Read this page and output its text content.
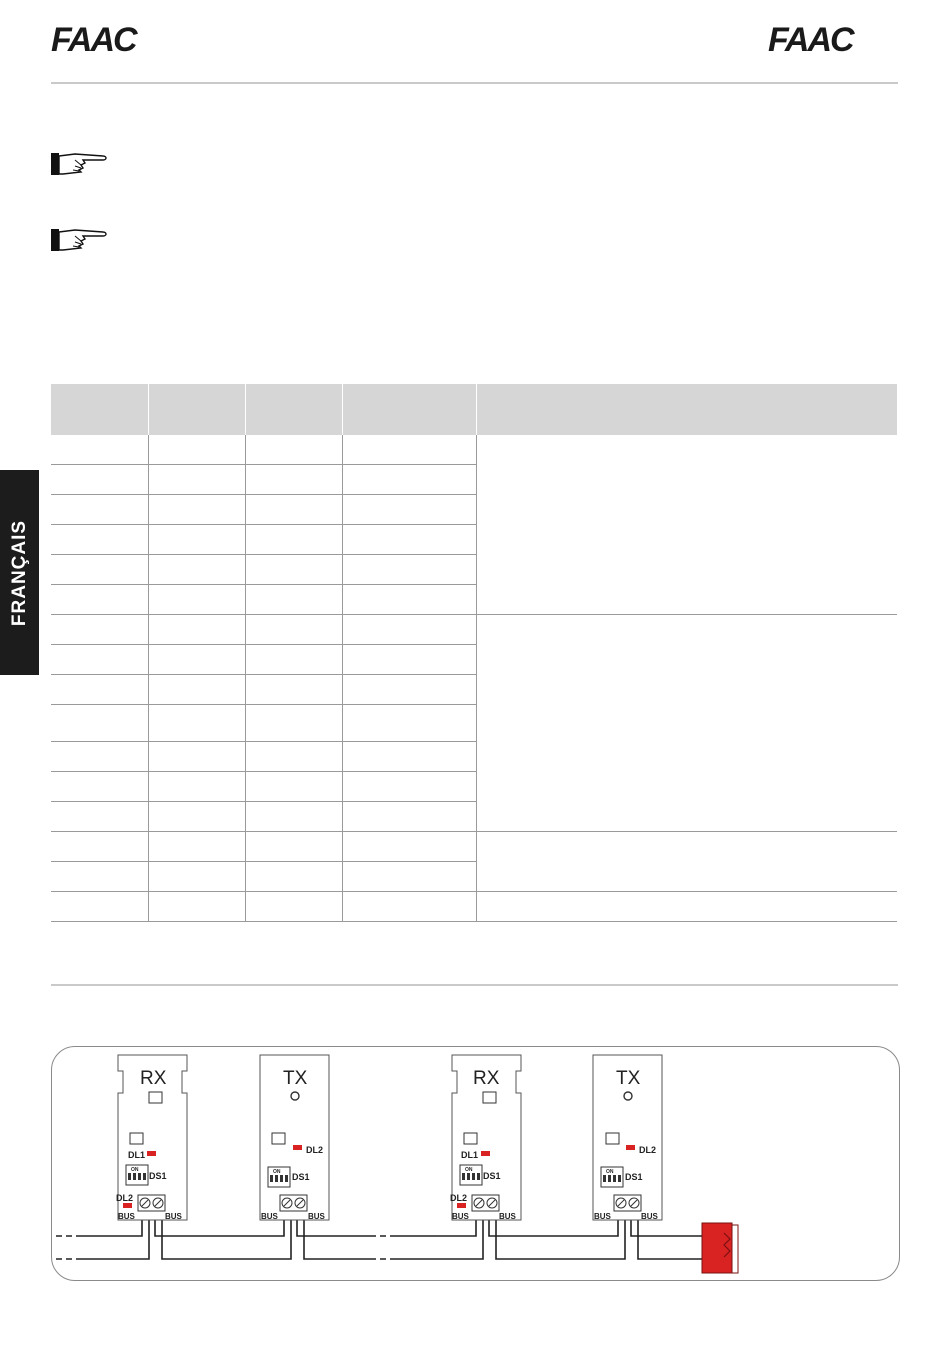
FAAC	FAAC
FRANÇAIS

RX
DL1
ON
DS1
DL2
BUS	BUS
TX
DL2
ON DS1
BUS	BUS
RX
DL1
ON
DS1
DL2
BUS	BUS
TX
DL2
ON DS1
BUS	BUS
